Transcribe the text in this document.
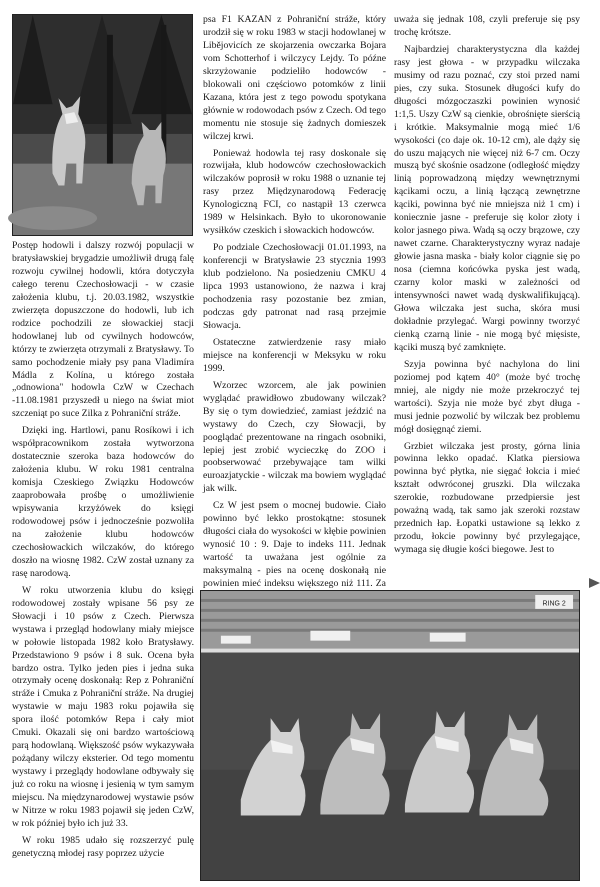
Postęp hodowli i dalszy rozwój populacji w bratysławskiej brygadzie umożliwił drugą falę rozwoju cywilnej hodowli, która dotyczyła całego terenu Czechosłowacji - w czasie założenia klubu, t.j. 20.03.1982, wszystkie zwierzęta dopuszczone do hodowli, lub ich rodzice pochodzili ze słowackiej stacji hodowlanej lub od cywilnych hodowców, którzy te zwierzęta otrzymali z Bratysławy. To samo pochodzenie miały psy pana Vladimíra Mádla z Kolína, u którego została „odnowiona" hodowla CzW w Czechach -11.08.1981 przyszedł u niego na świat miot szczeniąt po suce Zilka z Pohraniční stráže.

Dzięki ing. Hartlowi, panu Rosíkowi i ich współpracownikom została wytworzona dostatecznie szeroka baza hodowców do założenia klubu. W roku 1981 centralna komisja Czeskiego Związku Hodowców zaaprobowała prośbę o umożliwienie wpisywania krzyżówek do księgi rodowodowej psów i jednocześnie pozwoliła na założenie klubu hodowców czechosłowackich wilczaków, do którego doszło na wiosnę 1982. CzW został uznany za rasę narodową.

W roku utworzenia klubu do księgi rodowodowej zostały wpisane 56 psy ze Słowacji i 10 psów z Czech. Pierwsza wystawa i przegląd hodowlany miały miejsce w połowie listopada 1982 koło Bratysławy. Przedstawiono 9 psów i 8 suk. Ocena była bardzo ostra. Tylko jeden pies i jedna suka otrzymały ocenę doskonałą: Rep z Pohraniční stráže i Cmuka z Pohraniční stráže. Na drugiej wystawie w maju 1983 roku pojawiła się spora ilość potomków Repa i cały miot Cmuki. Okazali się oni bardzo wartościową parą hodowlaną. Większość psów wykazywała pożądany wilczy eksterier. Od tego momentu wystawy i przeglądy hodowlane odbywały się już co roku na wiosnę i jesienią w tym samym miejscu. Na międzynarodowej wystawie psów w Nitrze w roku 1983 pojawił się jeden CzW, w rok później było ich już 33.

W roku 1985 udało się rozszerzyć pulę genetyczną młodej rasy poprzez użycie

psa F1 KAZAN z Pohraniční stráže, który urodził się w roku 1983 w stacji hodowlanej w Libějovicích ze skojarzenia owczarka Bojara vom Schotterhof i wilczycy Lejdy. To późne skrzyżowanie podzieliło hodowców - blokowali oni częściowo potomków z linii Kazana, która jest z tego powodu spotykana głównie w rodowodach psów z Czech. Od tego momentu nie stosuje się żadnych domieszek wilczej krwi.

Ponieważ hodowla tej rasy doskonale się rozwijała, klub hodowców czechosłowackich wilczaków poprosił w roku 1988 o uznanie tej rasy przez Międzynarodową Federację Kynologiczną FCI, co nastąpił 13 czerwca 1989 w Helsinkach. Było to ukoronowanie wysiłków czeskich i słowackich hodowców.

Po podziale Czechosłowacji 01.01.1993, na konferencji w Bratysławie 23 stycznia 1993 klub podzielono. Na posiedzeniu CMKU 4 lipca 1993 ustanowiono, że nazwa i kraj pochodzenia rasy pozostanie bez zmian, podczas gdy patronat nad rasą przejmie Słowacja.

Ostateczne zatwierdzenie rasy miało miejsce na konferencji w Meksyku w roku 1999.

Wzorzec wzorcem, ale jak powinien wyglądać prawidłowo zbudowany wilczak? By się o tym dowiedzieć, zamiast jeździć na wystawy do Czech, czy Słowacji, by pooglądać prezentowane na ringach osobniki, lepiej jest zrobić wycieczkę do ZOO i poobserwować przebywające tam wilki euroazjatyckie - wilczak ma bowiem wyglądać jak wilk.

Cz W jest psem o mocnej budowie. Ciało powinno być lekko prostokątne: stosunek długości ciała do wysokości w kłębie powinien wynosić 10 : 9. Daje to indeks 111. Jednak wartość ta uważana jest ogólnie za maksymalną - pies na ocenę doskonałą nie powinien mieć indeksu większego niż 111. Za

uważa się jednak 108, czyli preferuje się psy trochę krótsze.

Najbardziej charakterystyczna dla każdej rasy jest głowa - w przypadku wilczaka musimy od razu poznać, czy stoi przed nami pies, czy suka. Stosunek długości kufy do długości mózgoczaszki powinien wynosić 1:1,5. Uszy CzW są cienkie, obrośnięte sierścią i krótkie. Maksymalnie mogą mieć 1/6 wysokości (co daje ok. 10-12 cm), ale dąży się do uszu mających nie więcej niż 6-7 cm. Oczy muszą być skośnie osadzone (odległość między linią poprowadzoną między wewnętrznymi kącikami oczu, a linią łączącą zewnętrzne kąciki, powinna być nie mniejsza niż 1 cm) i koniecznie jasne - preferuje się kolor złoty i kolor jasnego piwa. Wadą są oczy brązowe, czy nawet czarne. Charakterystyczny wyraz nadaje głowie jasna maska - biały kolor ciągnie się po nosa (ciemna końcówka pyska jest wadą, czarny kolor maski w zależności od intensywności nawet wadą dyskwalifikującą). Głowa wilczaka jest sucha, skóra musi dokładnie przylegać. Wargi powinny tworzyć cienką czarną linie - nie mogą być mięsiste, kąciki muszą być zamknięte.

Szyja powinna być nachylona do lini poziomej pod kątem 40° (może być trochę mniej, ale nigdy nie może przekroczyć tej wartości). Szyja nie może być zbyt długa - musi jednie pozwolić by wilczak bez problemu mógł dosięgnąć ziemi.

Grzbiet wilczaka jest prosty, górna linia powinna lekko opadać. Klatka piersiowa powinna być płytka, nie sięgać łokcia i mieć kształt odwróconej gruszki. Dla wilczaka szerokie, rozbudowane przedpiersie jest poważną wadą, tak samo jak szeroki rozstaw przednich łap. Łopatki ustawione są lekko z przodu, łokcie powinny być przylegające, wymaga się długie kości biegowe. Jest to

RING 2
